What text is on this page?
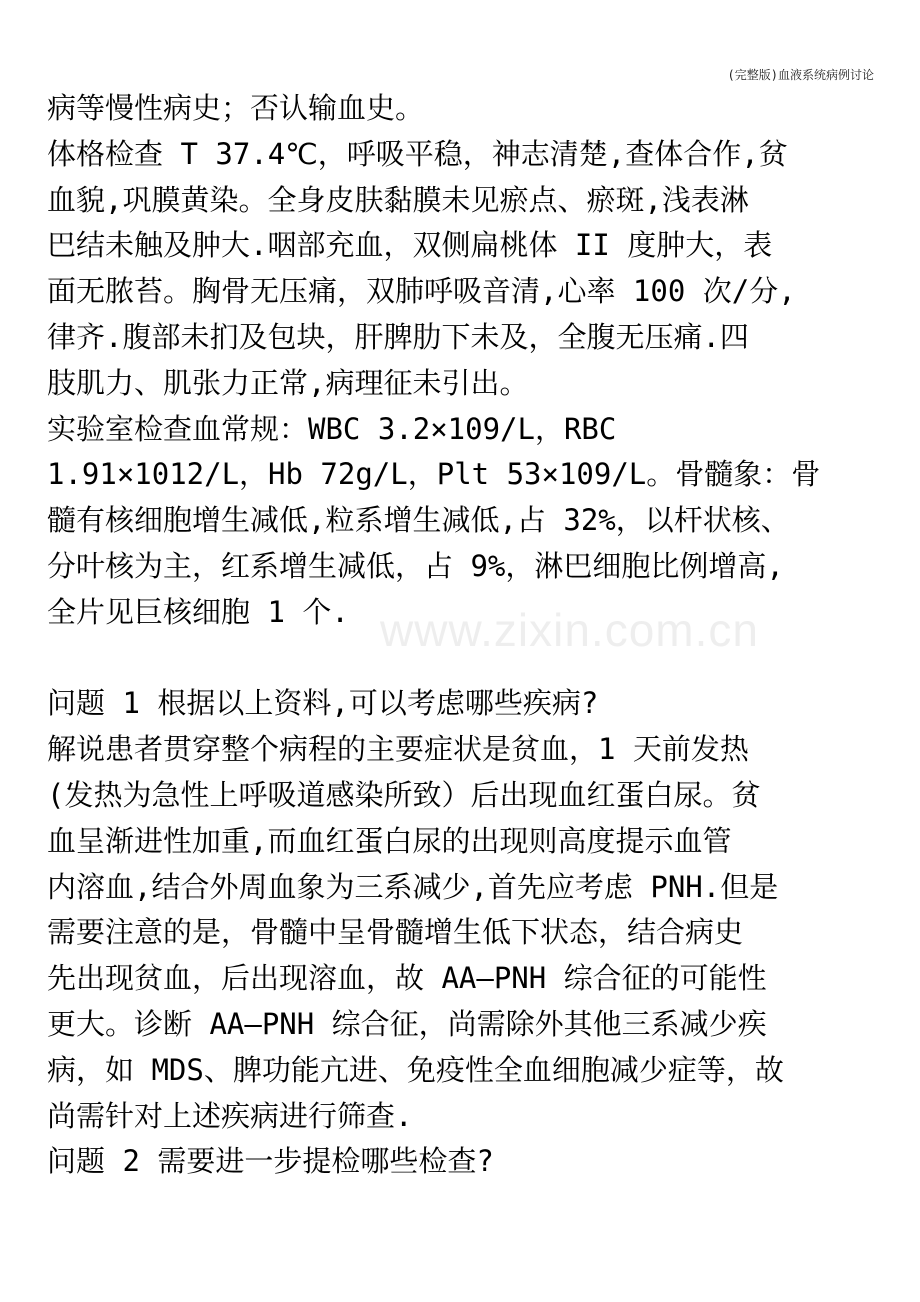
(完整版)血液系统病例讨论
www.zixin.com.cn
病等慢性病史；否认输血史。
体格检查 T 37.4℃，呼吸平稳，神志清楚,查体合作,贫
血貌,巩膜黄染。全身皮肤黏膜未见瘀点、瘀斑,浅表淋
巴结未触及肿大.咽部充血，双侧扁桃体 II 度肿大，表
面无脓苔。胸骨无压痛，双肺呼吸音清,心率 100 次/分,
律齐.腹部未扪及包块，肝脾肋下未及，全腹无压痛.四
肢肌力、肌张力正常,病理征未引出。
实验室检查血常规：WBC 3.2×109/L，RBC
1.91×1012/L，Hb 72g/L，Plt 53×109/L。骨髓象：骨
髓有核细胞增生减低,粒系增生减低,占 32%，以杆状核、
分叶核为主，红系增生减低，占 9%，淋巴细胞比例增高,
全片见巨核细胞 1 个.
问题 1 根据以上资料,可以考虑哪些疾病?
解说患者贯穿整个病程的主要症状是贫血，1 天前发热
(发热为急性上呼吸道感染所致）后出现血红蛋白尿。贫
血呈渐进性加重,而血红蛋白尿的出现则高度提示血管
内溶血,结合外周血象为三系减少,首先应考虑 PNH.但是
需要注意的是，骨髓中呈骨髓增生低下状态，结合病史
先出现贫血，后出现溶血，故 AA—PNH 综合征的可能性
更大。诊断 AA—PNH 综合征，尚需除外其他三系减少疾
病，如 MDS、脾功能亢进、免疫性全血细胞减少症等，故
尚需针对上述疾病进行筛查.
问题 2 需要进一步提检哪些检查?
